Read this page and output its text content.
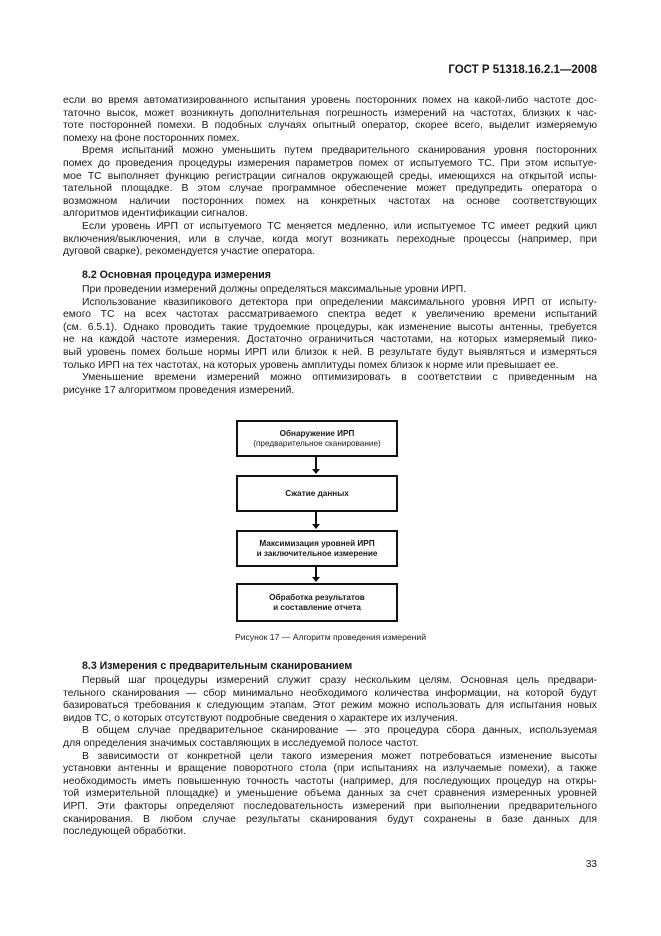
ГОСТ Р 51318.16.2.1—2008
если во время автоматизированного испытания уровень посторонних помех на какой-либо частоте дос-
таточно высок, может возникнуть дополнительная погрешность измерений на частотах, близких к час-
тоте посторонней помехи. В подобных случаях опытный оператор, скорее всего, выделит измеряемую
помеху на фоне посторонних помех.
Время испытаний можно уменьшить путем предварительного сканирования уровня посторонних
помех до проведения процедуры измерения параметров помех от испытуемого ТС. При этом испытуе-
мое ТС выполняет функцию регистрации сигналов окружающей среды, имеющихся на открытой испы-
тательной площадке. В этом случае программное обеспечение может предупредить оператора о
возможном наличии посторонних помех на конкретных частотах на основе соответствующих
алгоритмов идентификации сигналов.
Если уровень ИРП от испытуемого ТС меняется медленно, или испытуемое ТС имеет редкий цикл
включения/выключения, или в случае, когда могут возникать переходные процессы (например, при
дуговой сварке), рекомендуется участие оператора.
8.2 Основная процедура измерения
При проведении измерений должны определяться максимальные уровни ИРП.
Использование квазипикового детектора при определении максимального уровня ИРП от испыту-
емого ТС на всех частотах рассматриваемого спектра ведет к увеличению времени испытаний
(см. 6.5.1). Однако проводить такие трудоемкие процедуры, как изменение высоты антенны, требуется
не на каждой частоте измерения. Достаточно ограничиться частотами, на которых измеряемый пико-
вый уровень помех больше нормы ИРП или близок к ней. В результате будут выявляться и измеряться
только ИРП на тех частотах, на которых уровень амплитуды помех близок к норме или превышает ее.
Уменьшение времени измерений можно оптимизировать в соответствии с приведенным на
рисунке 17 алгоритмом проведения измерений.
Обнаружение ИРП
(предварительное сканирование)
Сжатие данных
Максимизация уровней ИРП
и заключительное измерение
Обработка результатов
и составление отчета
Рисунок 17 — Алгоритм проведения измерений
8.3 Измерения с предварительным сканированием
Первый шаг процедуры измерений служит сразу нескольким целям. Основная цель предвари-
тельного сканирования — сбор минимально необходимого количества информации, на которой будут
базироваться требования к следующим этапам. Этот режим можно использовать для испытания новых
видов ТС, о которых отсутствуют подробные сведения о характере их излучения.
В общем случае предварительное сканирование — это процедура сбора данных, используемая
для определения значимых составляющих в исследуемой полосе частот.
В зависимости от конкретной цели такого измерения может потребоваться изменение высоты
установки антенны и вращение поворотного стола (при испытаниях на излучаемые помехи), а также
необходимость иметь повышенную точность частоты (например, для последующих процедур на откры-
той измерительной площадке) и уменьшение объема данных за счет сравнения измеренных уровней
ИРП. Эти факторы определяют последовательность измерений при выполнении предварительного
сканирования. В любом случае результаты сканирования будут сохранены в базе данных для
последующей обработки.
33
